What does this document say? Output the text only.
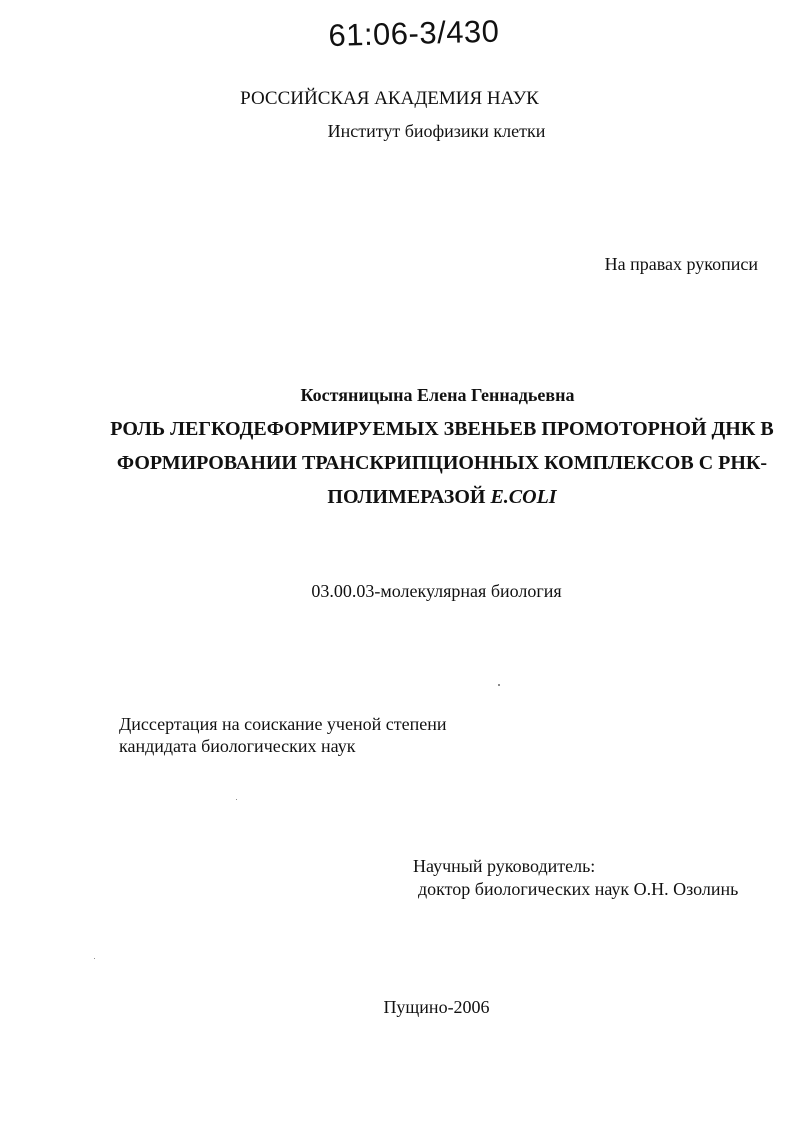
61:06-3/430
РОССИЙСКАЯ АКАДЕМИЯ НАУК
Институт биофизики клетки
На правах рукописи
Костяницына Елена Геннадьевна
РОЛЬ ЛЕГКОДЕФОРМИРУЕМЫХ ЗВЕНЬЕВ ПРОМОТОРНОЙ ДНК В
ФОРМИРОВАНИИ ТРАНСКРИПЦИОННЫХ КОМПЛЕКСОВ С РНК-
ПОЛИМЕРАЗОЙ E.COLI
03.00.03-молекулярная биология
Диссертация на соискание ученой степени
кандидата биологических наук
Научный руководитель:
доктор биологических наук О.Н. Озолинь
Пущино-2006
